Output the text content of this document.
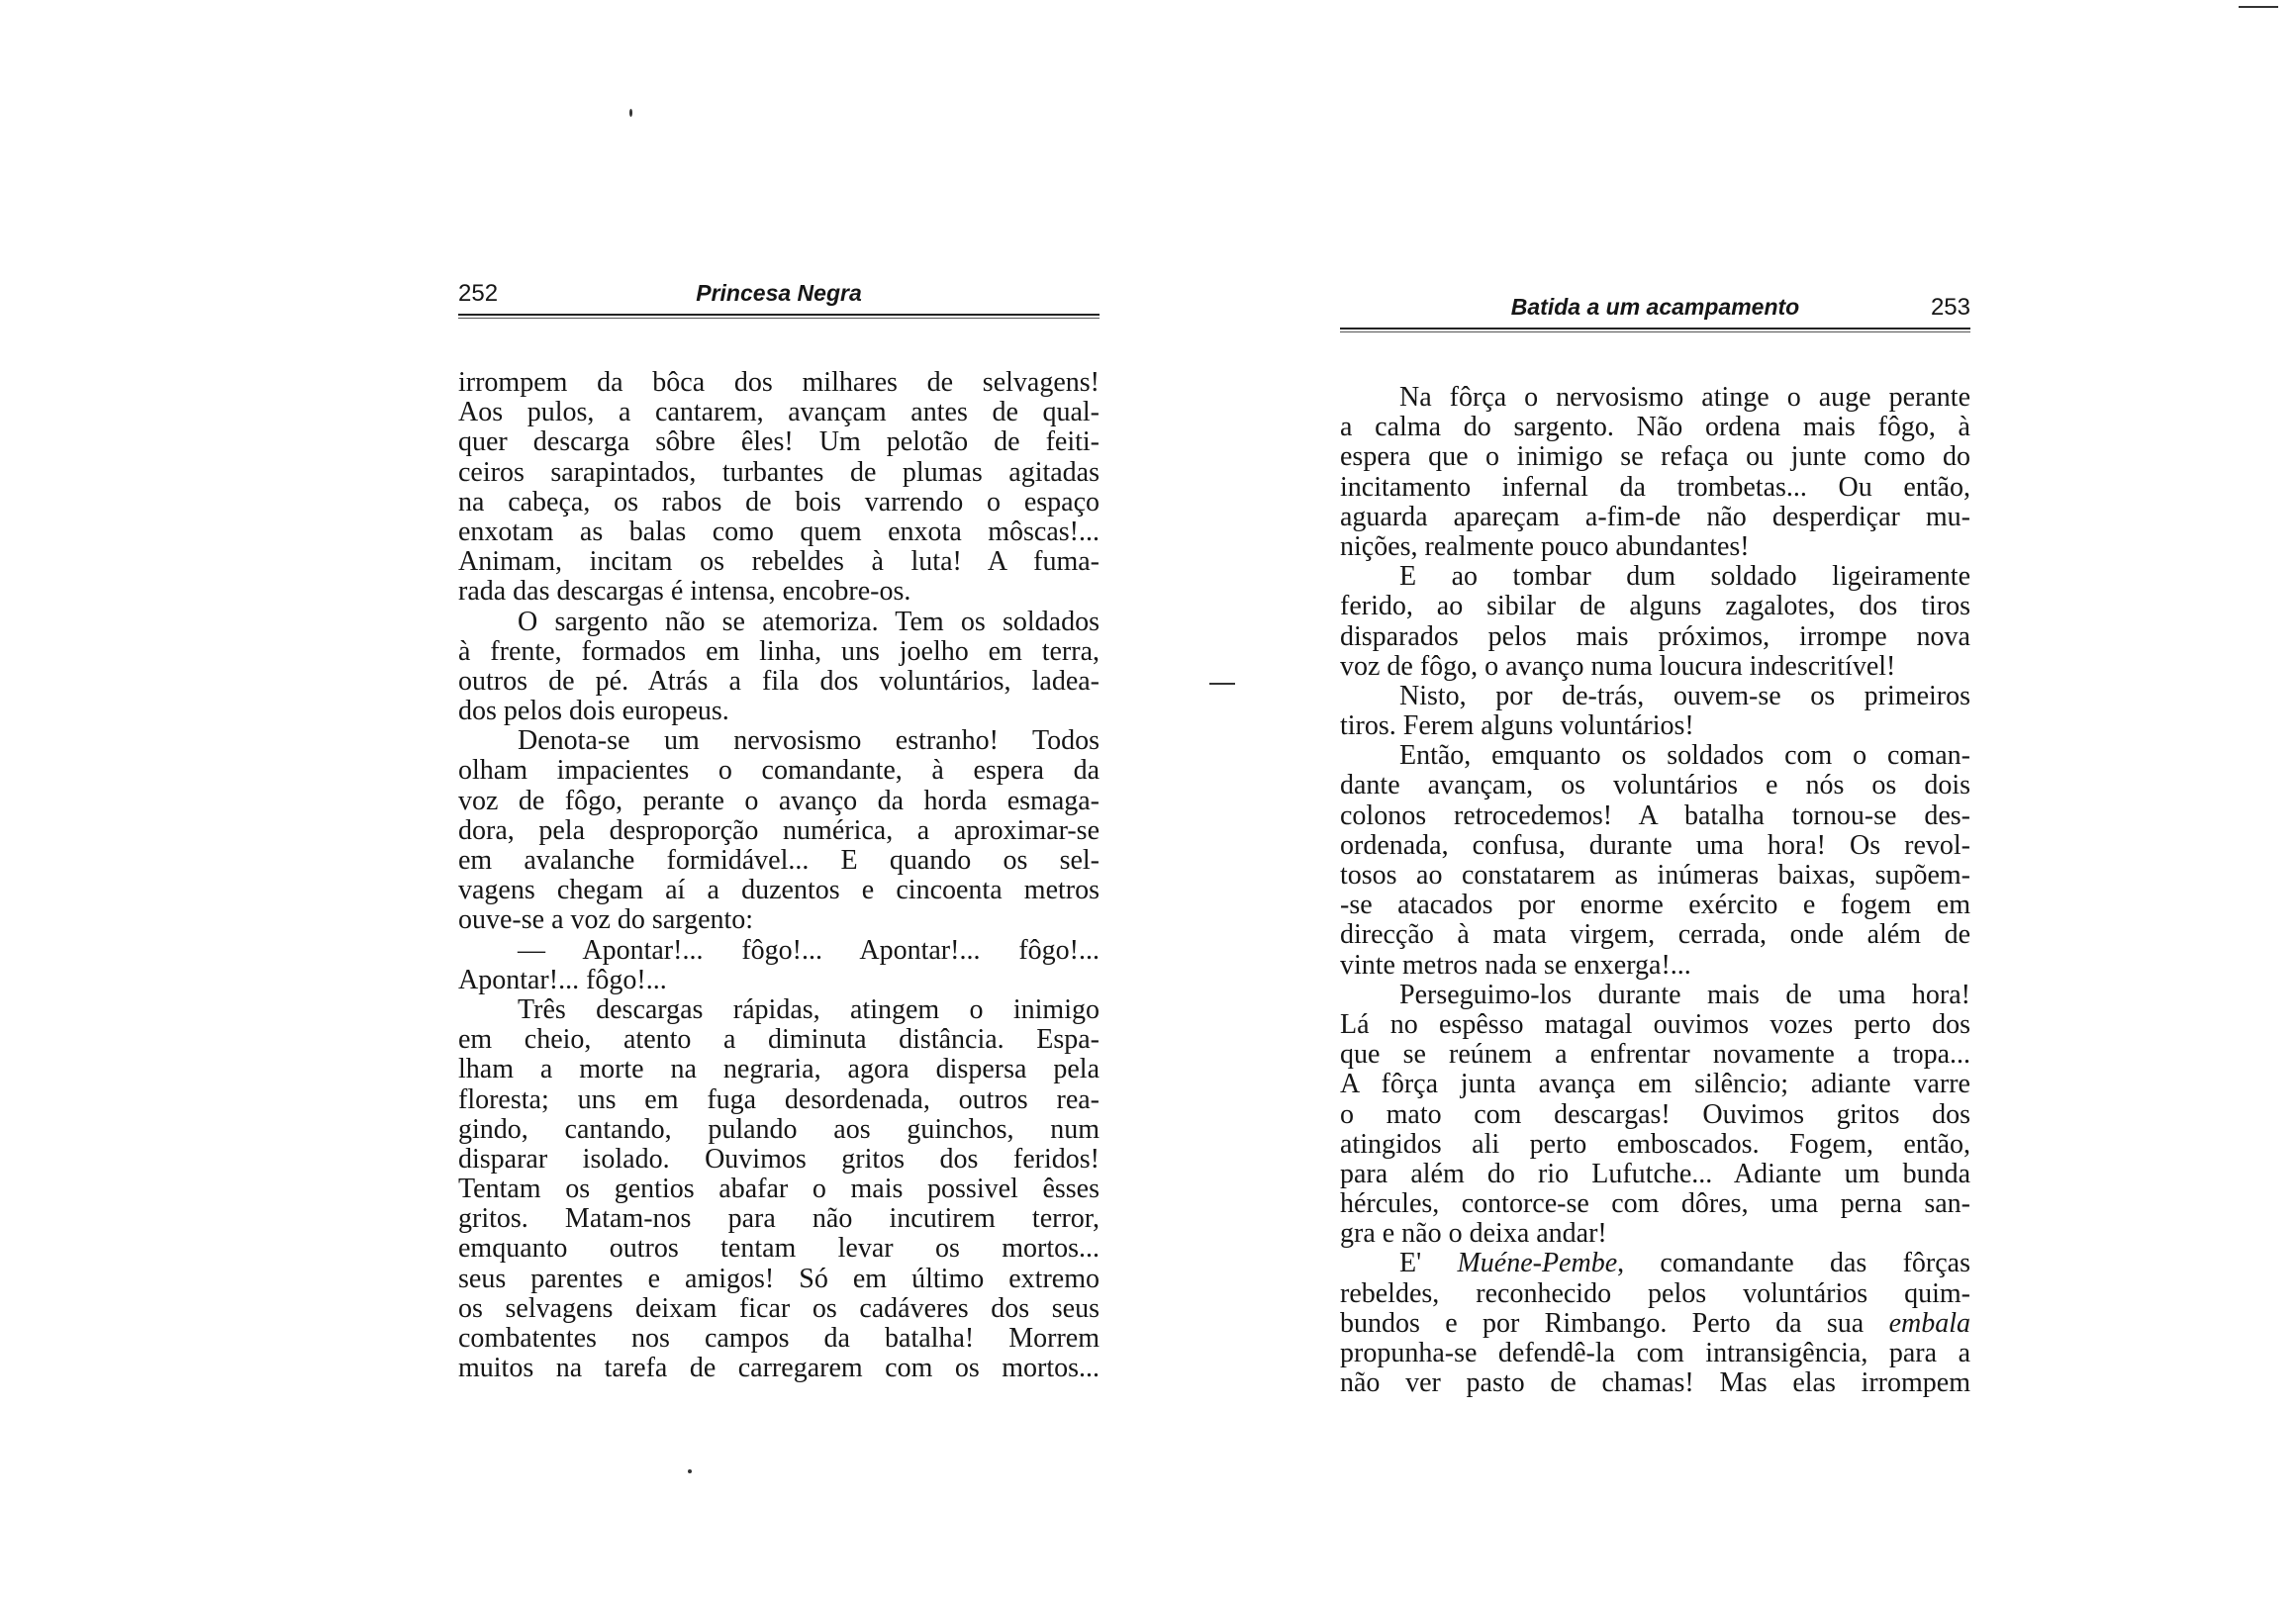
252	Princesa Negra
irrompem da bôca dos milhares de selvagens!
Aos pulos, a cantarem, avançam antes de qual-
quer descarga sôbre êles! Um pelotão de feiti-
ceiros sarapintados, turbantes de plumas agitadas
na cabeça, os rabos de bois varrendo o espaço
enxotam as balas como quem enxota môscas!...
Animam, incitam os rebeldes à luta! A fuma-
rada das descargas é intensa, encobre-os.
O sargento não se atemoriza. Tem os soldados
à frente, formados em linha, uns joelho em terra,
outros de pé. Atrás a fila dos voluntários, ladea-
dos pelos dois europeus.
Denota-se um nervosismo estranho! Todos
olham impacientes o comandante, à espera da
voz de fôgo, perante o avanço da horda esmaga-
dora, pela desproporção numérica, a aproximar-se
em avalanche formidável... E quando os sel-
vagens chegam aí a duzentos e cincoenta metros
ouve-se a voz do sargento:
— Apontar!... fôgo!... Apontar!... fôgo!...
Apontar!... fôgo!...
Três descargas rápidas, atingem o inimigo
em cheio, atento a diminuta distância. Espa-
lham a morte na negraria, agora dispersa pela
floresta; uns em fuga desordenada, outros rea-
gindo, cantando, pulando aos guinchos, num
disparar isolado. Ouvimos gritos dos feridos!
Tentam os gentios abafar o mais possivel êsses
gritos. Matam-nos para não incutirem terror,
emquanto outros tentam levar os mortos...
seus parentes e amigos! Só em último extremo
os selvagens deixam ficar os cadáveres dos seus
combatentes nos campos da batalha! Morrem
muitos na tarefa de carregarem com os mortos...
Batida a um acampamento	253
Na fôrça o nervosismo atinge o auge perante
a calma do sargento. Não ordena mais fôgo, à
espera que o inimigo se refaça ou junte como do
incitamento infernal da trombetas... Ou então,
aguarda apareçam a-fim-de não desperdiçar mu-
nições, realmente pouco abundantes!
E ao tombar dum soldado ligeiramente
ferido, ao sibilar de alguns zagalotes, dos tiros
disparados pelos mais próximos, irrompe nova
voz de fôgo, o avanço numa loucura indescritível!
Nisto, por de-trás, ouvem-se os primeiros
tiros. Ferem alguns voluntários!
Então, emquanto os soldados com o coman-
dante avançam, os voluntários e nós os dois
colonos retrocedemos! A batalha tornou-se des-
ordenada, confusa, durante uma hora! Os revol-
tosos ao constatarem as inúmeras baixas, supõem-
-se atacados por enorme exército e fogem em
direcção à mata virgem, cerrada, onde além de
vinte metros nada se enxerga!...
Perseguimo-los durante mais de uma hora!
Lá no espêsso matagal ouvimos vozes perto dos
que se reúnem a enfrentar novamente a tropa...
A fôrça junta avança em silêncio; adiante varre
o mato com descargas! Ouvimos gritos dos
atingidos ali perto emboscados. Fogem, então,
para além do rio Lufutche... Adiante um bunda
hércules, contorce-se com dôres, uma perna san-
gra e não o deixa andar!
E' Muéne-Pembe, comandante das fôrças
rebeldes, reconhecido pelos voluntários quim-
bundos e por Rimbango. Perto da sua embala
propunha-se defendê-la com intransigência, para a
não ver pasto de chamas! Mas elas irrompem
